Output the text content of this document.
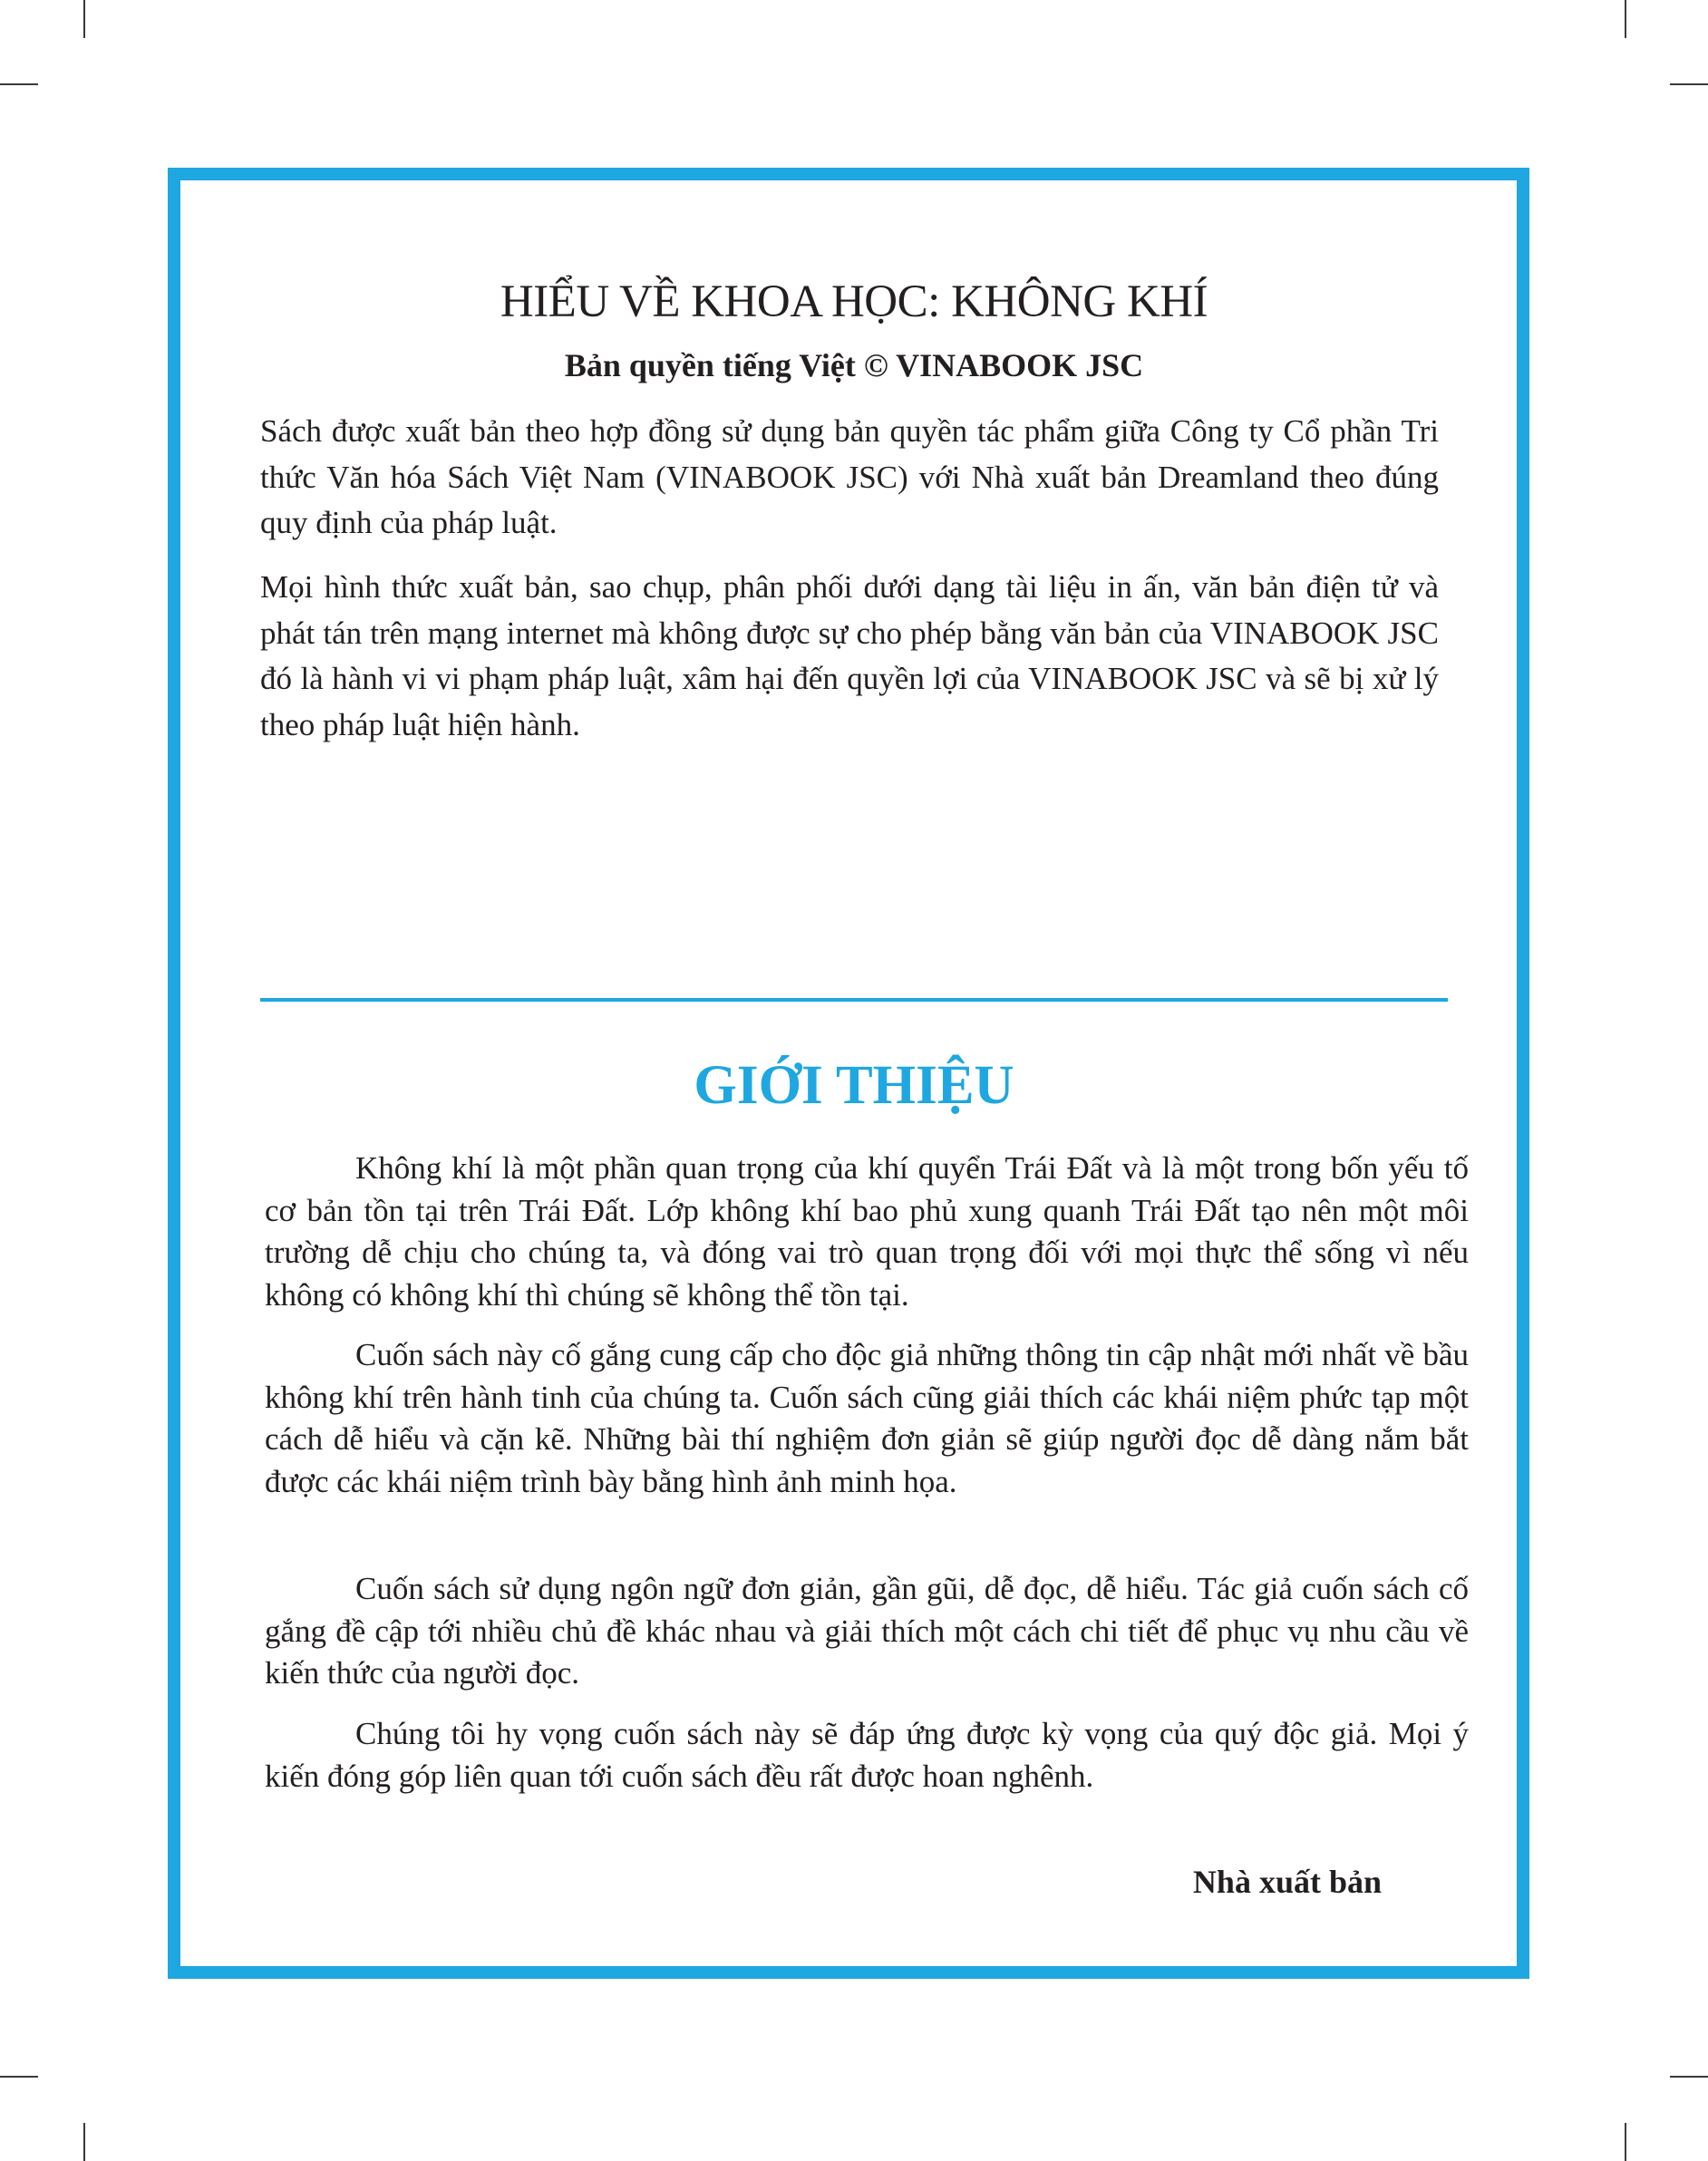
HIỂU VỀ KHOA HỌC: KHÔNG KHÍ

Bản quyền tiếng Việt © VINABOOK JSC

Sách được xuất bản theo hợp đồng sử dụng bản quyền tác phẩm giữa Công ty Cổ phần Tri thức Văn hóa Sách Việt Nam (VINABOOK JSC) với Nhà xuất bản Dreamland theo đúng quy định của pháp luật.

Mọi hình thức xuất bản, sao chụp, phân phối dưới dạng tài liệu in ấn, văn bản điện tử và phát tán trên mạng internet mà không được sự cho phép bằng văn bản của VINABOOK JSC đó là hành vi vi phạm pháp luật, xâm hại đến quyền lợi của VINABOOK JSC và sẽ bị xử lý theo pháp luật hiện hành.

GIỚI THIỆU

Không khí là một phần quan trọng của khí quyển Trái Đất và là một trong bốn yếu tố cơ bản tồn tại trên Trái Đất. Lớp không khí bao phủ xung quanh Trái Đất tạo nên một môi trường dễ chịu cho chúng ta, và đóng vai trò quan trọng đối với mọi thực thể sống vì nếu không có không khí thì chúng sẽ không thể tồn tại.

Cuốn sách này cố gắng cung cấp cho độc giả những thông tin cập nhật mới nhất về bầu không khí trên hành tinh của chúng ta. Cuốn sách cũng giải thích các khái niệm phức tạp một cách dễ hiểu và cặn kẽ. Những bài thí nghiệm đơn giản sẽ giúp người đọc dễ dàng nắm bắt được các khái niệm trình bày bằng hình ảnh minh họa.

Cuốn sách sử dụng ngôn ngữ đơn giản, gần gũi, dễ đọc, dễ hiểu. Tác giả cuốn sách cố gắng đề cập tới nhiều chủ đề khác nhau và giải thích một cách chi tiết để phục vụ nhu cầu về kiến thức của người đọc.

Chúng tôi hy vọng cuốn sách này sẽ đáp ứng được kỳ vọng của quý độc giả. Mọi ý kiến đóng góp liên quan tới cuốn sách đều rất được hoan nghênh.

Nhà xuất bản
